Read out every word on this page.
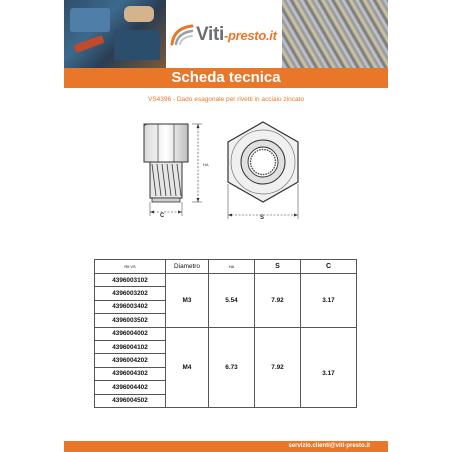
Viti-presto.it
Scheda tecnica
VS4396 - Dado esagonale per rivetti in acciaio zincato
HA
C	S
Rif VS	Diametro	HA	S	C
4396003102	M3	5.54	7.92	3.17
4396003202				
4396003402				
4396003502				
4396004002	M4	6.73	7.92	3.17
4396004102				
4396004202				
4396004302				
4396004402				
4396004502				
servizio.clienti@viti-presto.it
